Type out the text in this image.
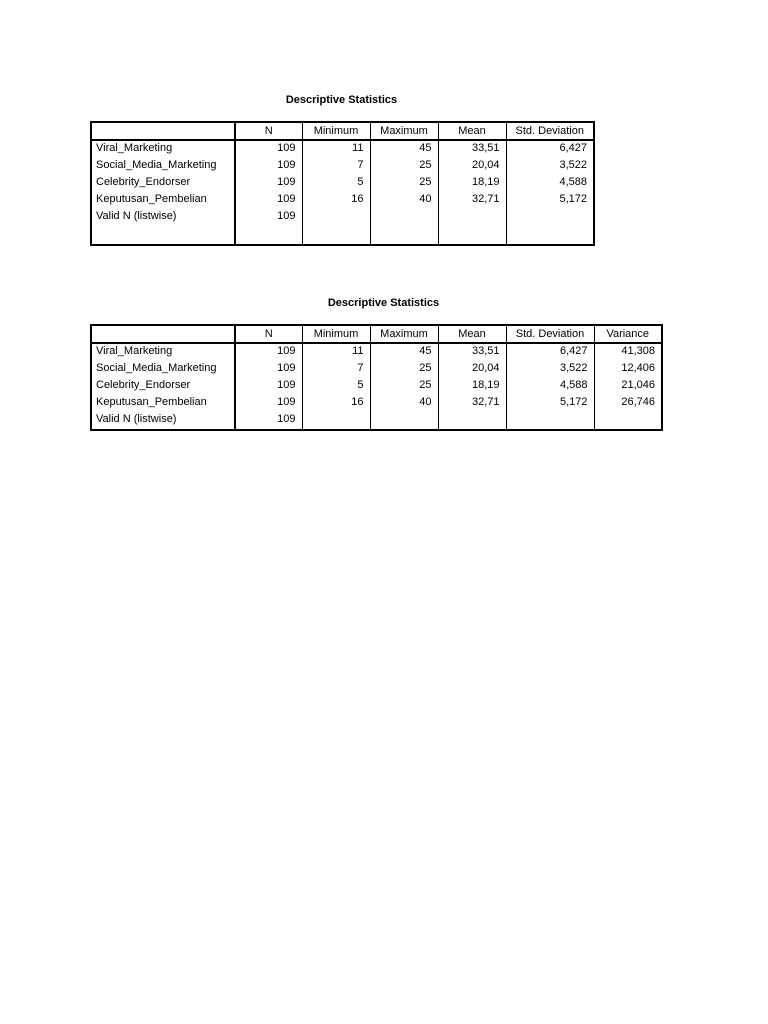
Descriptive Statistics
	N	Minimum	Maximum	Mean	Std. Deviation
Viral_Marketing	109	11	45	33,51	6,427
Social_Media_Marketing	109	7	25	20,04	3,522
Celebrity_Endorser	109	5	25	18,19	4,588
Keputusan_Pembelian	109	16	40	32,71	5,172
Valid N (listwise)	109				

Descriptive Statistics
	N	Minimum	Maximum	Mean	Std. Deviation	Variance
Viral_Marketing	109	11	45	33,51	6,427	41,308
Social_Media_Marketing	109	7	25	20,04	3,522	12,406
Celebrity_Endorser	109	5	25	18,19	4,588	21,046
Keputusan_Pembelian	109	16	40	32,71	5,172	26,746
Valid N (listwise)	109					
